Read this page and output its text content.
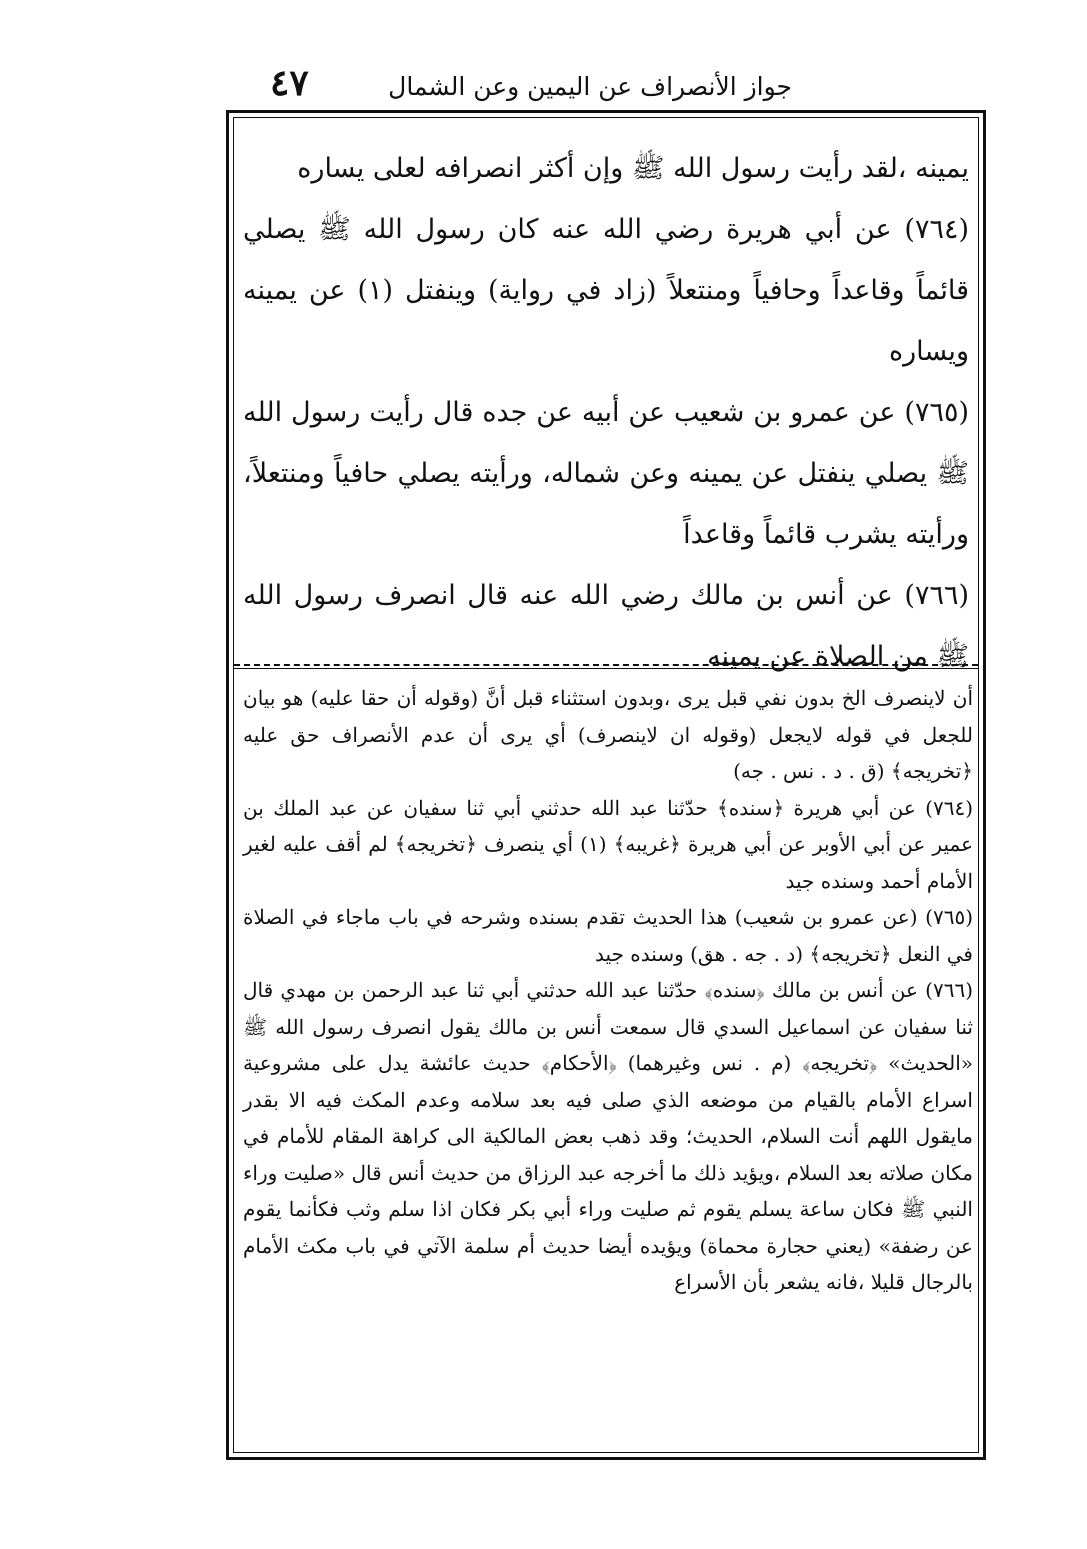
جواز الأنصراف عن اليمين وعن الشمال
٤٧

يمينه ،لقد رأيت رسول الله ﷺ وإن أكثر انصرافه لعلى يساره

(٧٦٤) عن أبي هريرة رضي الله عنه كان رسول الله ﷺ يصلي قائماً وقاعداً وحافياً ومنتعلاً (زاد في رواية) وينفتل (١) عن يمينه ويساره

(٧٦٥) عن عمرو بن شعيب عن أبيه عن جده قال رأيت رسول الله ﷺ يصلي ينفتل عن يمينه وعن شماله، ورأيته يصلي حافياً ومنتعلاً، ورأيته يشرب قائماً وقاعداً

(٧٦٦) عن أنس بن مالك رضي الله عنه قال انصرف رسول الله ﷺ من الصلاة عن يمينه

أن لاينصرف الخ بدون نفي قبل يرى ،وبدون استثناء قبل أنَّ (وقوله أن حقا عليه) هو بيان للجعل في قوله لايجعل (وقوله ان لاينصرف) أي يرى أن عدم الأنصراف حق عليه ﴿تخريجه﴾ (ق . د . نس . جه)

(٧٦٤) عن أبي هريرة ﴿سنده﴾ حدّثنا عبد الله حدثني أبي ثنا سفيان عن عبد الملك بن عمير عن أبي الأوبر عن أبي هريرة ﴿غريبه﴾ (١) أي ينصرف ﴿تخريجه﴾ لم أقف عليه لغير الأمام أحمد وسنده جيد

(٧٦٥) (عن عمرو بن شعيب) هذا الحديث تقدم بسنده وشرحه في باب ماجاء في الصلاة في النعل ﴿تخريجه﴾ (د . جه . هق) وسنده جيد

(٧٦٦) عن أنس بن مالك ﴿سنده﴾ حدّثنا عبد الله حدثني أبي ثنا عبد الرحمن بن مهدي قال ثنا سفيان عن اسماعيل السدي قال سمعت أنس بن مالك يقول انصرف رسول الله ﷺ «الحديث» ﴿تخريجه﴾ (م . نس وغيرهما) ﴿الأحكام﴾ حديث عائشة يدل على مشروعية اسراع الأمام بالقيام من موضعه الذي صلى فيه بعد سلامه وعدم المكث فيه الا بقدر مايقول اللهم أنت السلام، الحديث؛ وقد ذهب بعض المالكية الى كراهة المقام للأمام في مكان صلاته بعد السلام ،ويؤيد ذلك ما أخرجه عبد الرزاق من حديث أنس قال «صليت وراء النبي ﷺ فكان ساعة يسلم يقوم ثم صليت وراء أبي بكر فكان اذا سلم وثب فكأنما يقوم عن رضفة» (يعني حجارة محماة) ويؤيده أيضا حديث أم سلمة الآتي في باب مكث الأمام بالرجال قليلا ،فانه يشعر بأن الأسراع
